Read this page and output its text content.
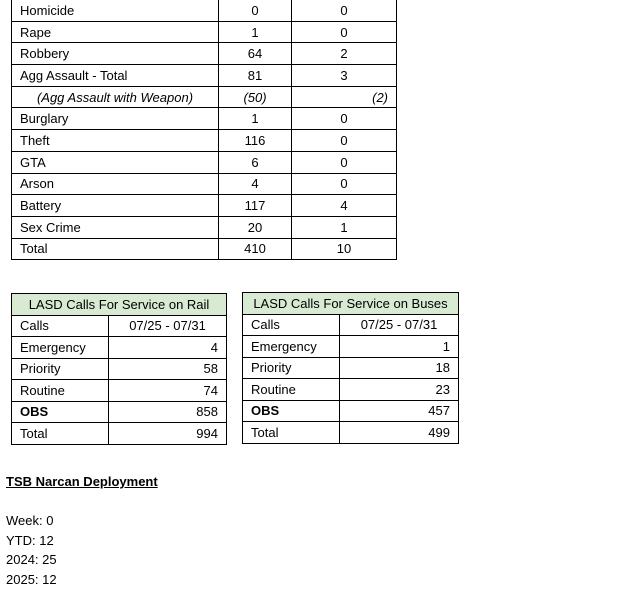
Homicide	0	0
Rape	1	0
Robbery	64	2
Agg Assault - Total	81	3
(Agg Assault with Weapon)	(50)	(2)
Burglary	1	0
Theft	116	0
GTA	6	0
Arson	4	0
Battery	117	4
Sex Crime	20	1
Total	410	10
LASD Calls For Service on Rail	
Calls	07/25 - 07/31
Emergency	4
Priority	58
Routine	74
OBS	858
Total	994
LASD Calls For Service on Buses	
Calls	07/25 - 07/31
Emergency	1
Priority	18
Routine	23
OBS	457
Total	499
TSB Narcan Deployment
Week: 0
YTD: 12
2024: 25
2025: 12
